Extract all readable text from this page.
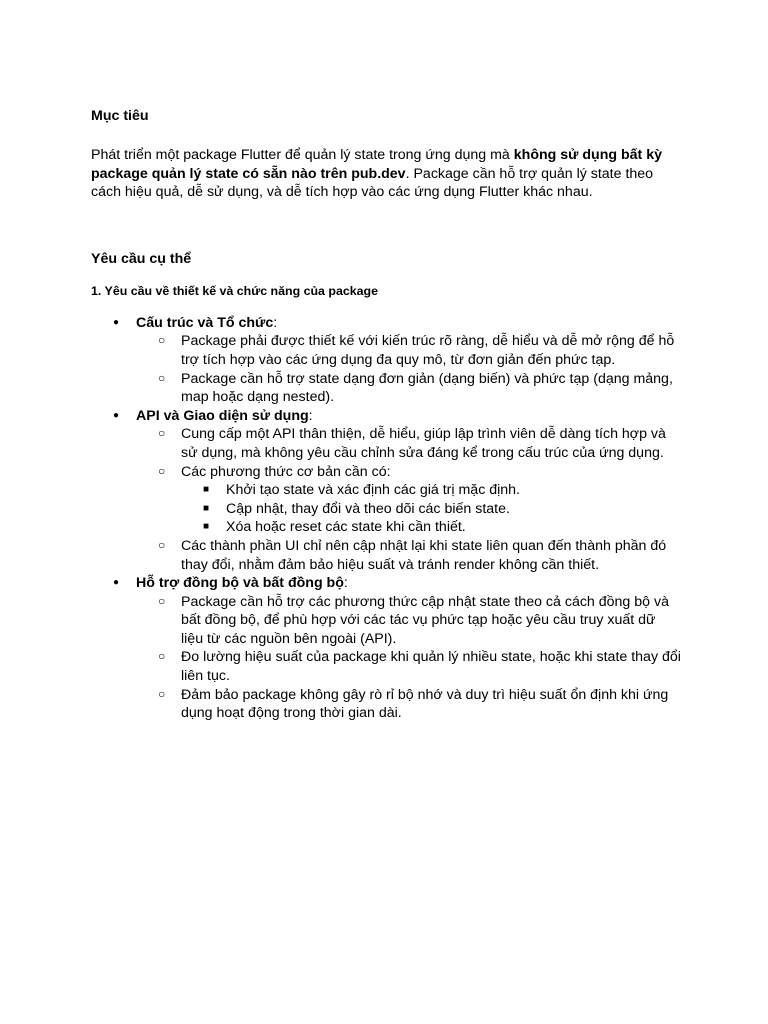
Mục tiêu

Phát triển một package Flutter để quản lý state trong ứng dụng mà không sử dụng bất kỳ package quản lý state có sẵn nào trên pub.dev. Package cần hỗ trợ quản lý state theo cách hiệu quả, dễ sử dụng, và dễ tích hợp vào các ứng dụng Flutter khác nhau.

Yêu cầu cụ thể
1. Yêu cầu về thiết kế và chức năng của package
● Cấu trúc và Tổ chức:
○ Package phải được thiết kế với kiến trúc rõ ràng, dễ hiểu và dễ mở rộng để hỗ trợ tích hợp vào các ứng dụng đa quy mô, từ đơn giản đến phức tạp.
○ Package cần hỗ trợ state dạng đơn giản (dạng biến) và phức tạp (dạng mảng, map hoặc dạng nested).
● API và Giao diện sử dụng:
○ Cung cấp một API thân thiện, dễ hiểu, giúp lập trình viên dễ dàng tích hợp và sử dụng, mà không yêu cầu chỉnh sửa đáng kể trong cấu trúc của ứng dụng.
○ Các phương thức cơ bản cần có:
■ Khởi tạo state và xác định các giá trị mặc định.
■ Cập nhật, thay đổi và theo dõi các biến state.
■ Xóa hoặc reset các state khi cần thiết.
○ Các thành phần UI chỉ nên cập nhật lại khi state liên quan đến thành phần đó thay đổi, nhằm đảm bảo hiệu suất và tránh render không cần thiết.
● Hỗ trợ đồng bộ và bất đồng bộ:
○ Package cần hỗ trợ các phương thức cập nhật state theo cả cách đồng bộ và bất đồng bộ, để phù hợp với các tác vụ phức tạp hoặc yêu cầu truy xuất dữ liệu từ các nguồn bên ngoài (API).
○ Đo lường hiệu suất của package khi quản lý nhiều state, hoặc khi state thay đổi liên tục.
○ Đảm bảo package không gây rò rỉ bộ nhớ và duy trì hiệu suất ổn định khi ứng dụng hoạt động trong thời gian dài.
